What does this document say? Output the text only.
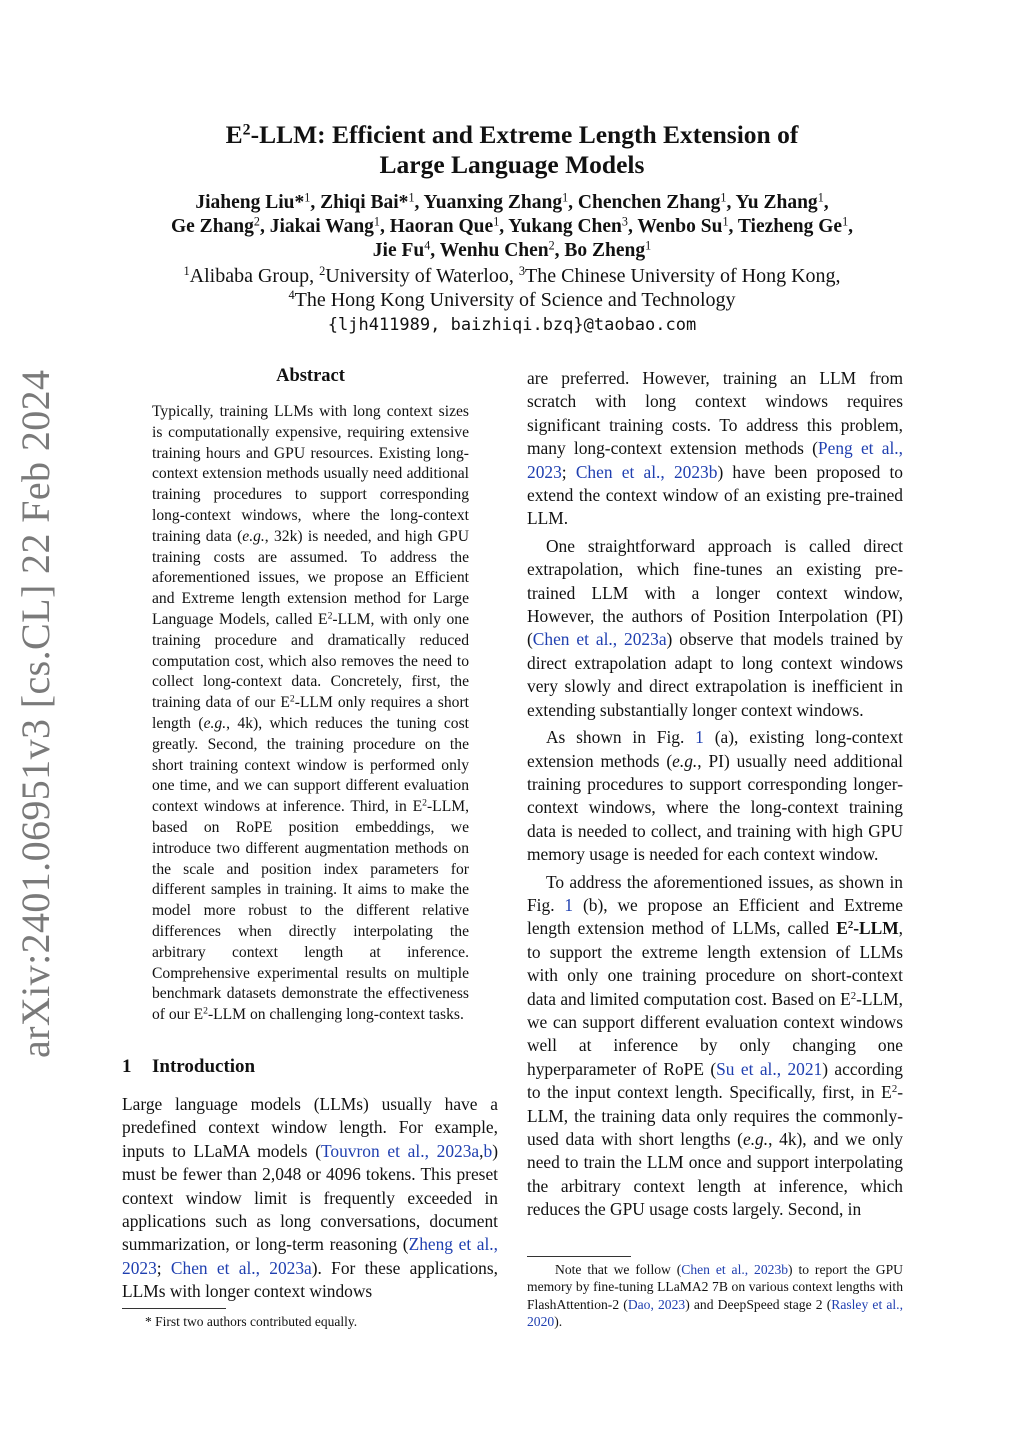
arXiv:2401.06951v3 [cs.CL] 22 Feb 2024
$E^2$-LLM: Efficient and Extreme Length Extension of
Large Language Models
Jiaheng Liu*$^1$, Zhiqi Bai*$^1$, Yuanxing Zhang$^1$, Chenchen Zhang$^1$, Yu Zhang$^1$,
Ge Zhang$^2$, Jiakai Wang$^1$, Haoran Que$^1$, Yukang Chen$^3$, Wenbo Su$^1$, Tiezheng Ge$^1$,
Jie Fu$^4$, Wenhu Chen$^2$, Bo Zheng$^1$
$^1$Alibaba Group, $^2$University of Waterloo, $^3$The Chinese University of Hong Kong,
$^4$The Hong Kong University of Science and Technology
{ljh411989, baizhiqi.bzq}@taobao.com
Abstract
Typically, training LLMs with long context sizes is computationally expensive, requiring extensive training hours and GPU resources. Existing long-context extension methods usually need additional training procedures to support corresponding long-context windows, where the long-context training data (e.g., 32k) is needed, and high GPU training costs are assumed. To address the aforementioned issues, we propose an Efficient and Extreme length extension method for Large Language Models, called $E^2$-LLM, with only one training procedure and dramatically reduced computation cost, which also removes the need to collect long-context data. Concretely, first, the training data of our $E^2$-LLM only requires a short length (e.g., 4k), which reduces the tuning cost greatly. Second, the training procedure on the short training context window is performed only one time, and we can support different evaluation context windows at inference. Third, in $E^2$-LLM, based on RoPE position embeddings, we introduce two different augmentation methods on the scale and position index parameters for different samples in training. It aims to make the model more robust to the different relative differences when directly interpolating the arbitrary context length at inference. Comprehensive experimental results on multiple benchmark datasets demonstrate the effectiveness of our $E^2$-LLM on challenging long-context tasks.
1 Introduction
Large language models (LLMs) usually have a predefined context window length. For example, inputs to LLaMA models (Touvron et al., 2023a,b) must be fewer than 2,048 or 4096 tokens. This preset context window limit is frequently exceeded in applications such as long conversations, document summarization, or long-term reasoning (Zheng et al., 2023; Chen et al., 2023a). For these applications, LLMs with longer context windows
* First two authors contributed equally.

are preferred. However, training an LLM from scratch with long context windows requires significant training costs. To address this problem, many long-context extension methods (Peng et al., 2023; Chen et al., 2023b) have been proposed to extend the context window of an existing pre-trained LLM.

One straightforward approach is called direct extrapolation, which fine-tunes an existing pre-trained LLM with a longer context window, However, the authors of Position Interpolation (PI) (Chen et al., 2023a) observe that models trained by direct extrapolation adapt to long context windows very slowly and direct extrapolation is inefficient in extending substantially longer context windows.

As shown in Fig. 1 (a), existing long-context extension methods (e.g., PI) usually need additional training procedures to support corresponding longer-context windows, where the long-context training data is needed to collect, and training with high GPU memory usage is needed for each context window.

To address the aforementioned issues, as shown in Fig. 1 (b), we propose an Efficient and Extreme length extension method of LLMs, called $E^2$-LLM, to support the extreme length extension of LLMs with only one training procedure on short-context data and limited computation cost. Based on $E^2$-LLM, we can support different evaluation context windows well at inference by only changing one hyperparameter of RoPE (Su et al., 2021) according to the input context length. Specifically, first, in $E^2$-LLM, the training data only requires the commonly-used data with short lengths (e.g., 4k), and we only need to train the LLM once and support interpolating the arbitrary context length at inference, which reduces the GPU usage costs largely. Second, in

Note that we follow (Chen et al., 2023b) to report the GPU memory by fine-tuning LLaMA2 7B on various context lengths with FlashAttention-2 (Dao, 2023) and DeepSpeed stage 2 (Rasley et al., 2020).
